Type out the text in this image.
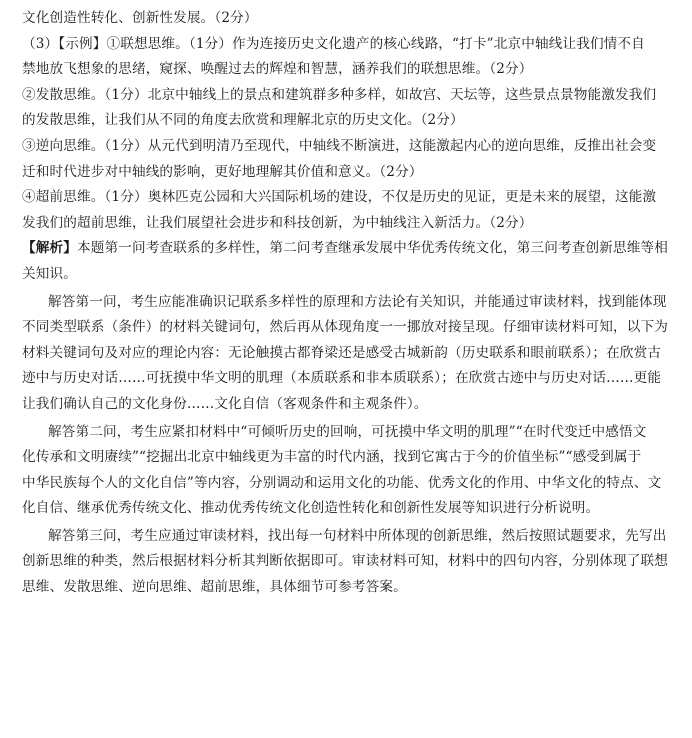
文化创造性转化、创新性发展。（2分）
（3）【示例】①联想思维。（1分）作为连接历史文化遗产的核心线路，“打卡”北京中轴线让我们情不自
禁地放飞想象的思绪，窥探、唤醒过去的辉煌和智慧，涵养我们的联想思维。（2分）
②发散思维。（1分）北京中轴线上的景点和建筑群多种多样，如故宫、天坛等，这些景点景物能激发我们
的发散思维，让我们从不同的角度去欣赏和理解北京的历史文化。（2分）
③逆向思维。（1分）从元代到明清乃至现代，中轴线不断演进，这能激起内心的逆向思维，反推出社会变
迁和时代进步对中轴线的影响，更好地理解其价值和意义。（2分）
④超前思维。（1分）奥林匹克公园和大兴国际机场的建设，不仅是历史的见证，更是未来的展望，这能激
发我们的超前思维，让我们展望社会进步和科技创新，为中轴线注入新活力。（2分）
【解析】本题第一问考查联系的多样性，第二问考查继承发展中华优秀传统文化，第三问考查创新思维等相
关知识。
解答第一问，考生应能准确识记联系多样性的原理和方法论有关知识，并能通过审读材料，找到能体现
不同类型联系（条件）的材料关键词句，然后再从体现角度一一挪放对接呈现。仔细审读材料可知，以下为
材料关键词句及对应的理论内容：无论触摸古都脊梁还是感受古城新韵（历史联系和眼前联系）；在欣赏古
迹中与历史对话……可抚摸中华文明的肌理（本质联系和非本质联系）；在欣赏古迹中与历史对话……更能
让我们确认自己的文化身份……文化自信（客观条件和主观条件）。
解答第二问，考生应紧扣材料中“可倾听历史的回响，可抚摸中华文明的肌理”“在时代变迁中感悟文
化传承和文明赓续”“挖掘出北京中轴线更为丰富的时代内涵，找到它寓古于今的价值坐标”“感受到属于
中华民族每个人的文化自信”等内容，分别调动和运用文化的功能、优秀文化的作用、中华文化的特点、文
化自信、继承优秀传统文化、推动优秀传统文化创造性转化和创新性发展等知识进行分析说明。
解答第三问，考生应通过审读材料，找出每一句材料中所体现的创新思维，然后按照试题要求，先写出
创新思维的种类，然后根据材料分析其判断依据即可。审读材料可知，材料中的四句内容，分别体现了联想
思维、发散思维、逆向思维、超前思维，具体细节可参考答案。
